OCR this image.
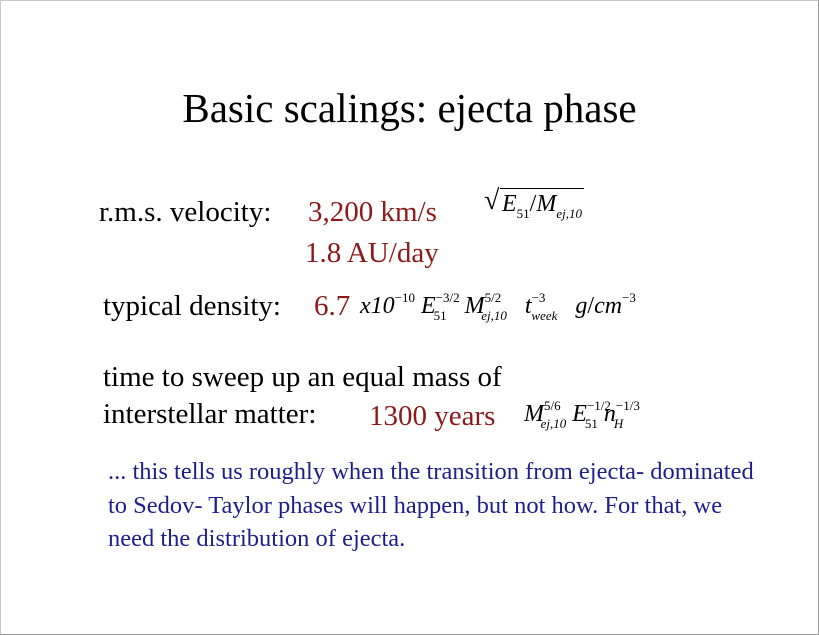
Basic scalings: ejecta phase
r.m.s. velocity: 3,200 km/s √ $E_{51}/M_{ej,10}$
1.8 AU/day
typical density: 6.7 $x10^{-10}$ $E^{-3/2}_{51}$ $M^{5/2}_{ej,10}$ $t^{-3}_{week}$ $g/cm^{-3}$
time to sweep up an equal mass of
interstellar matter: 1300 years $M^{5/6}_{ej,10}$ $E^{-1/2}_{51}$ $n^{-1/3}_H$
... this tells us roughly when the transition from ejecta- dominated to Sedov- Taylor phases will happen, but not how. For that, we need the distribution of ejecta.
